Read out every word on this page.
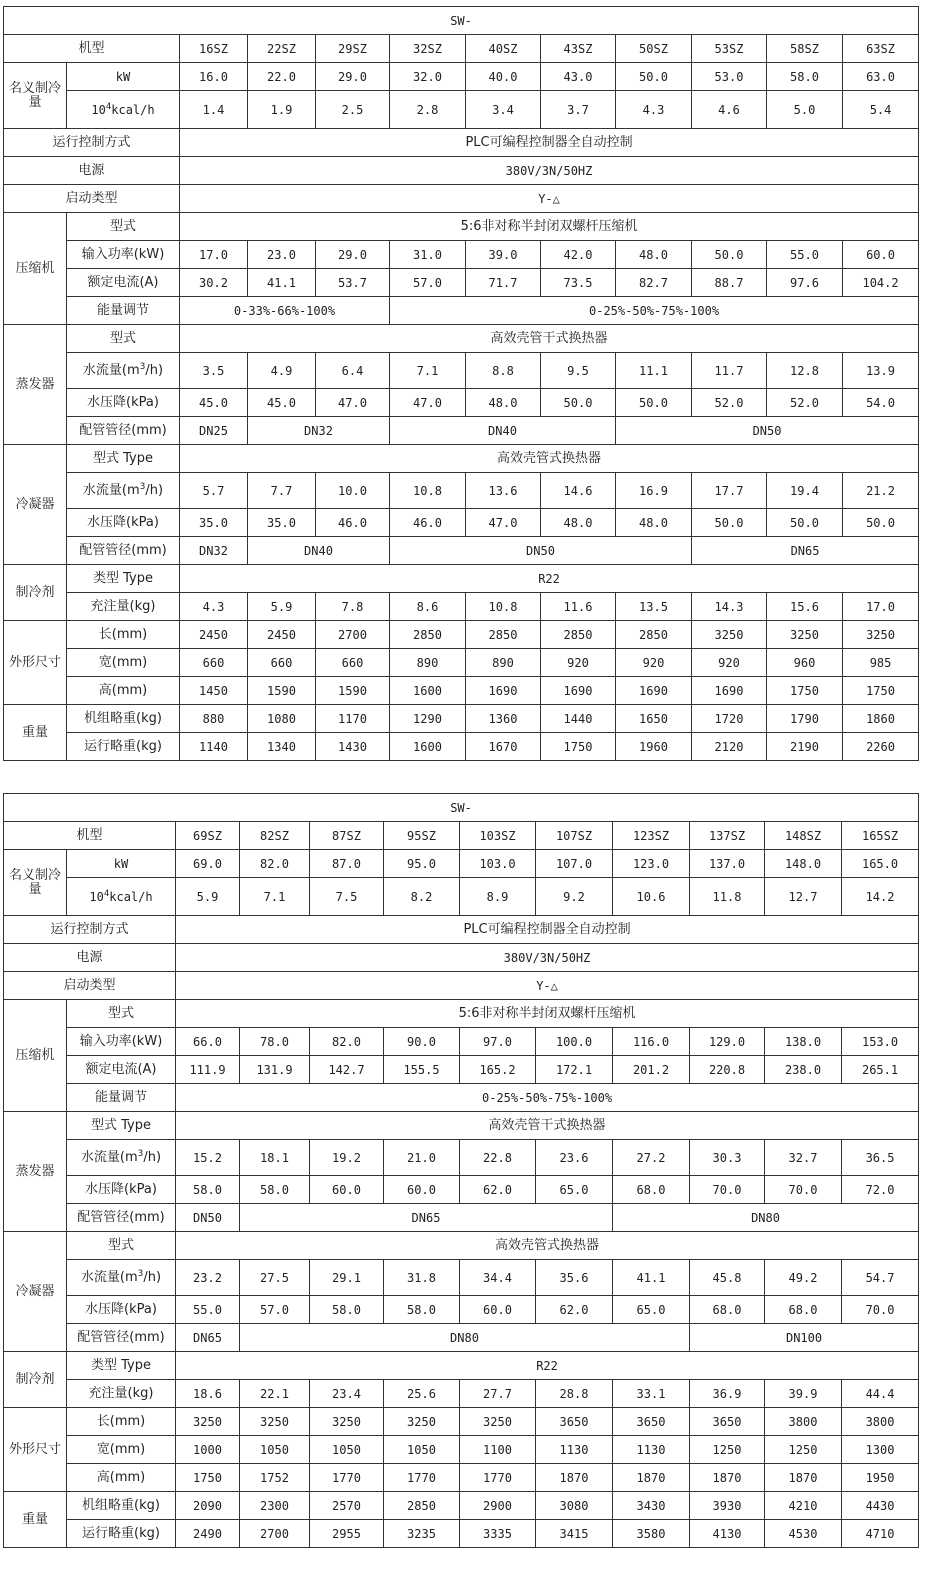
SW-											
机型		16SZ	22SZ	29SZ	32SZ	40SZ	43SZ	50SZ	53SZ	58SZ	63SZ
名义制冷量	kW	16.0	22.0	29.0	32.0	40.0	43.0	50.0	53.0	58.0	63.0
	$10^4kcal/h$	1.4	1.9	2.5	2.8	3.4	3.7	4.3	4.6	5.0	5.4
运行控制方式		PLC可编程控制器全自动控制									
电源		380V/3N/50HZ									
启动类型		Y-△									
压缩机	型式	5:6非对称半封闭双螺杆压缩机									
	输入功率(kW)	17.0	23.0	29.0	31.0	39.0	42.0	48.0	50.0	55.0	60.0
	额定电流(A)	30.2	41.1	53.7	57.0	71.7	73.5	82.7	88.7	97.6	104.2
	能量调节	0-33%-66%-100%			0-25%-50%-75%-100%						
蒸发器	型式	高效壳管干式换热器									
	水流量$(m^3/h)$	3.5	4.9	6.4	7.1	8.8	9.5	11.1	11.7	12.8	13.9
	水压降(kPa)	45.0	45.0	47.0	47.0	48.0	50.0	50.0	52.0	52.0	54.0
	配管管径(mm)	DN25	DN32		DN40			DN50			
冷凝器	型式 Type	高效壳管式换热器									
	水流量$(m^3/h)$	5.7	7.7	10.0	10.8	13.6	14.6	16.9	17.7	19.4	21.2
	水压降(kPa)	35.0	35.0	46.0	46.0	47.0	48.0	48.0	50.0	50.0	50.0
	配管管径(mm)	DN32	DN40		DN50				DN65		
制冷剂	类型 Type	R22									
	充注量(kg)	4.3	5.9	7.8	8.6	10.8	11.6	13.5	14.3	15.6	17.0
外形尺寸	长(mm)	2450	2450	2700	2850	2850	2850	2850	3250	3250	3250
	宽(mm)	660	660	660	890	890	920	920	920	960	985
	高(mm)	1450	1590	1590	1600	1690	1690	1690	1690	1750	1750
重量	机组略重(kg)	880	1080	1170	1290	1360	1440	1650	1720	1790	1860
	运行略重(kg)	1140	1340	1430	1600	1670	1750	1960	2120	2190	2260
SW-											
机型		69SZ	82SZ	87SZ	95SZ	103SZ	107SZ	123SZ	137SZ	148SZ	165SZ
名义制冷量	kW	69.0	82.0	87.0	95.0	103.0	107.0	123.0	137.0	148.0	165.0
	$10^4kcal/h$	5.9	7.1	7.5	8.2	8.9	9.2	10.6	11.8	12.7	14.2
运行控制方式		PLC可编程控制器全自动控制									
电源		380V/3N/50HZ									
启动类型		Y-△									
压缩机	型式	5:6非对称半封闭双螺杆压缩机									
	输入功率(kW)	66.0	78.0	82.0	90.0	97.0	100.0	116.0	129.0	138.0	153.0
	额定电流(A)	111.9	131.9	142.7	155.5	165.2	172.1	201.2	220.8	238.0	265.1
	能量调节	0-25%-50%-75%-100%									
蒸发器	型式 Type	高效壳管干式换热器									
	水流量$(m^3/h)$	15.2	18.1	19.2	21.0	22.8	23.6	27.2	30.3	32.7	36.5
	水压降(kPa)	58.0	58.0	60.0	60.0	62.0	65.0	68.0	70.0	70.0	72.0
	配管管径(mm)	DN50	DN65					DN80			
冷凝器	型式	高效壳管式换热器									
	水流量$(m^3/h)$	23.2	27.5	29.1	31.8	34.4	35.6	41.1	45.8	49.2	54.7
	水压降(kPa)	55.0	57.0	58.0	58.0	60.0	62.0	65.0	68.0	68.0	70.0
	配管管径(mm)	DN65	DN80						DN100		
制冷剂	类型 Type	R22									
	充注量(kg)	18.6	22.1	23.4	25.6	27.7	28.8	33.1	36.9	39.9	44.4
外形尺寸	长(mm)	3250	3250	3250	3250	3250	3650	3650	3650	3800	3800
	宽(mm)	1000	1050	1050	1050	1100	1130	1130	1250	1250	1300
	高(mm)	1750	1752	1770	1770	1770	1870	1870	1870	1870	1950
重量	机组略重(kg)	2090	2300	2570	2850	2900	3080	3430	3930	4210	4430
	运行略重(kg)	2490	2700	2955	3235	3335	3415	3580	4130	4530	4710
